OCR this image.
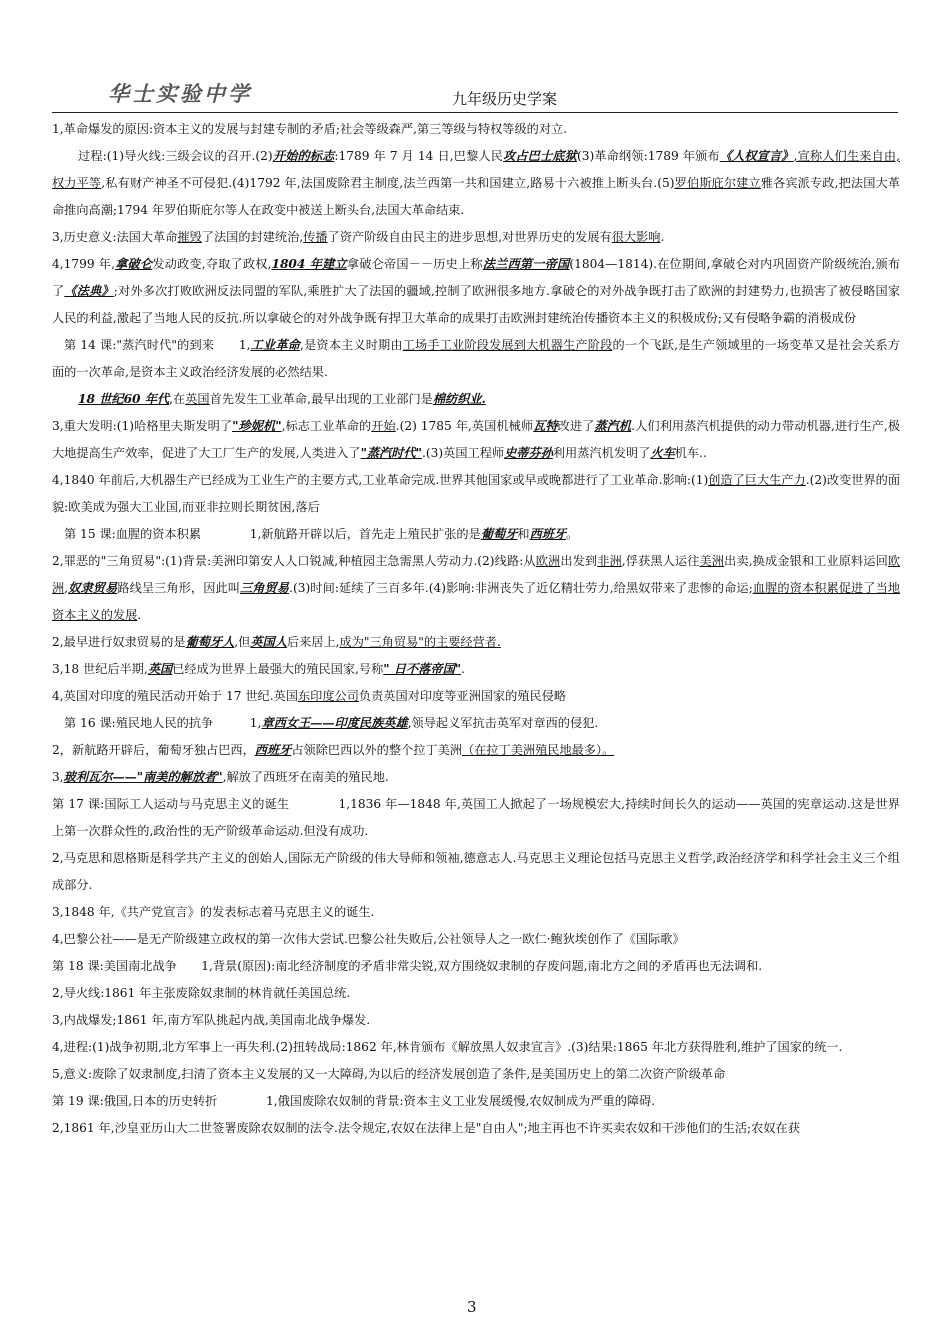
华士实验中学	九年级历史学案

1,革命爆发的原因:资本主义的发展与封建专制的矛盾;社会等级森严,第三等级与特权等级的对立.

过程:(1)导火线:三级会议的召开.(2)开始的标志:1789 年 7 月 14 日,巴黎人民攻占巴士底狱(3)革命纲领:1789 年颁布《人权宣言》,宣称人们生来自由,权力平等,私有财产神圣不可侵犯.(4)1792 年,法国废除君主制度,法兰西第一共和国建立,路易十六被推上断头台.(5)罗伯斯庇尔建立雅各宾派专政,把法国大革命推向高潮;1794 年罗伯斯庇尔等人在政变中被送上断头台,法国大革命结束.

3,历史意义:法国大革命摧毁了法国的封建统治,传播了资产阶级自由民主的进步思想,对世界历史的发展有很大影响.

4,1799 年,拿破仑发动政变,夺取了政权,1804 年建立拿破仑帝国－－历史上称法兰西第一帝国(1804—1814).在位期间,拿破仑对内巩固资产阶级统治,颁布了《法典》;对外多次打败欧洲反法同盟的军队,乘胜扩大了法国的疆域,控制了欧洲很多地方.拿破仑的对外战争既打击了欧洲的封建势力,也损害了被侵略国家人民的利益,激起了当地人民的反抗.所以拿破仑的对外战争既有捍卫大革命的成果打击欧洲封建统治传播资本主义的积极成份;又有侵略争霸的消极成份

第 14 课:"蒸汽时代"的到来　　1,工业革命,是资本主义时期由工场手工业阶段发展到大机器生产阶段的一个飞跃,是生产领域里的一场变革又是社会关系方面的一次革命,是资本主义政治经济发展的必然结果.

18 世纪60 年代,在英国首先发生工业革命,最早出现的工业部门是棉纺织业.

3,重大发明:(1)哈格里夫斯发明了"珍妮机",标志工业革命的开始.(2) 1785 年,英国机械师瓦特改进了蒸汽机.人们利用蒸汽机提供的动力带动机器,进行生产,极大地提高生产效率，促进了大工厂生产的发展,人类进入了"蒸汽时代".(3)英国工程师史蒂芬孙利用蒸汽机发明了火车机车..

4,1840 年前后,大机器生产已经成为工业生产的主要方式,工业革命完成.世界其他国家或早或晚都进行了工业革命.影响:(1)创造了巨大生产力.(2)改变世界的面貌:欧美成为强大工业国,而亚非拉则长期贫困,落后

第 15 课:血腥的资本积累　　　　1,新航路开辟以后，首先走上殖民扩张的是葡萄牙和西班牙。

2,罪恶的"三角贸易":(1)背景:美洲印第安人人口锐减,种植园主急需黑人劳动力.(2)线路:从欧洲出发到非洲,俘获黑人运往美洲出卖,换成金银和工业原料运回欧洲,奴隶贸易路线呈三角形，因此叫三角贸易.(3)时间:延续了三百多年.(4)影响:非洲丧失了近亿精壮劳力,给黑奴带来了悲惨的命运;血腥的资本积累促进了当地资本主义的发展.

2,最早进行奴隶贸易的是葡萄牙人,但英国人后来居上,成为"三角贸易"的主要经营者.

3,18 世纪后半期,英国已经成为世界上最强大的殖民国家,号称" 日不落帝国".

4,英国对印度的殖民活动开始于 17 世纪.英国东印度公司负责英国对印度等亚洲国家的殖民侵略

第 16 课:殖民地人民的抗争　　　1,章西女王——印度民族英雄,领导起义军抗击英军对章西的侵犯.

2，新航路开辟后，葡萄牙独占巴西，西班牙占领除巴西以外的整个拉丁美洲（在拉丁美洲殖民地最多）。

3,玻利瓦尔——"南美的解放者",解放了西班牙在南美的殖民地.

第 17 课:国际工人运动与马克思主义的诞生　　　　1,1836 年—1848 年,英国工人掀起了一场规模宏大,持续时间长久的运动——英国的宪章运动.这是世界上第一次群众性的,政治性的无产阶级革命运动.但没有成功.

2,马克思和恩格斯是科学共产主义的创始人,国际无产阶级的伟大导师和领袖,德意志人.马克思主义理论包括马克思主义哲学,政治经济学和科学社会主义三个组成部分.

3,1848 年,《共产党宣言》的发表标志着马克思主义的诞生.

4,巴黎公社——是无产阶级建立政权的第一次伟大尝试.巴黎公社失败后,公社领导人之一欧仁·鲍狄埃创作了《国际歌》

第 18 课:美国南北战争　　1,背景(原因):南北经济制度的矛盾非常尖锐,双方围绕奴隶制的存废问题,南北方之间的矛盾再也无法调和.

2,导火线:1861 年主张废除奴隶制的林肯就任美国总统.

3,内战爆发;1861 年,南方军队挑起内战,美国南北战争爆发.

4,进程:(1)战争初期,北方军事上一再失利.(2)扭转战局:1862 年,林肯颁布《解放黑人奴隶宣言》.(3)结果:1865 年北方获得胜利,维护了国家的统一.

5,意义:废除了奴隶制度,扫清了资本主义发展的又一大障碍,为以后的经济发展创造了条件,是美国历史上的第二次资产阶级革命

第 19 课:俄国,日本的历史转折　　　　1,俄国废除农奴制的背景:资本主义工业发展缓慢,农奴制成为严重的障碍.

2,1861 年,沙皇亚历山大二世签署废除农奴制的法令.法令规定,农奴在法律上是"自由人";地主再也不许买卖农奴和干涉他们的生活;农奴在获

3
